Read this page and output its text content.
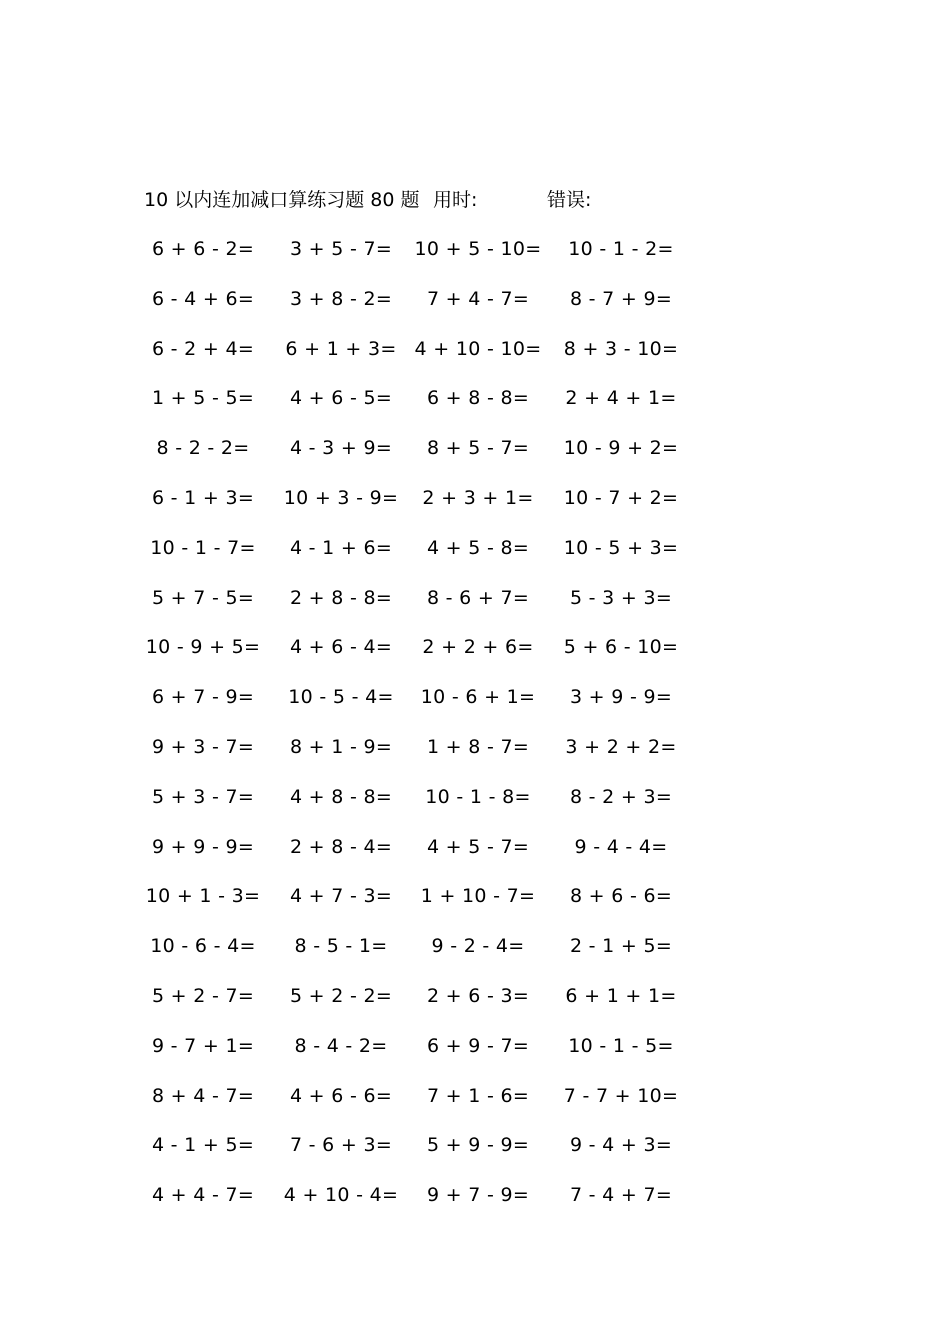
10 以内连加减口算练习题 80 题 用时:	错误:
6 + 6 - 2=	3 + 5 - 7=	10 + 5 - 10=	10 - 1 - 2=
6 - 4 + 6=	3 + 8 - 2=	7 + 4 - 7=	8 - 7 + 9=
6 - 2 + 4=	6 + 1 + 3= 4 + 10 - 10=	8 + 3 - 10=
1 + 5 - 5=	4 + 6 - 5=	6 + 8 - 8=	2 + 4 + 1=
8 - 2 - 2=	4 - 3 + 9=	8 + 5 - 7=	10 - 9 + 2=
6 - 1 + 3=	10 + 3 - 9=	2 + 3 + 1=	10 - 7 + 2=
10 - 1 - 7=	4 - 1 + 6=	4 + 5 - 8=	10 - 5 + 3=
5 + 7 - 5=	2 + 8 - 8=	8 - 6 + 7=	5 - 3 + 3=
10 - 9 + 5=	4 + 6 - 4=	2 + 2 + 6=	5 + 6 - 10=
6 + 7 - 9=	10 - 5 - 4=	10 - 6 + 1=	3 + 9 - 9=
9 + 3 - 7=	8 + 1 - 9=	1 + 8 - 7=	3 + 2 + 2=
5 + 3 - 7=	4 + 8 - 8=	10 - 1 - 8=	8 - 2 + 3=
9 + 9 - 9=	2 + 8 - 4=	4 + 5 - 7=	9 - 4 - 4=
10 + 1 - 3=	4 + 7 - 3=	1 + 10 - 7=	8 + 6 - 6=
10 - 6 - 4=	8 - 5 - 1=	9 - 2 - 4=	2 - 1 + 5=
5 + 2 - 7=	5 + 2 - 2=	2 + 6 - 3=	6 + 1 + 1=
9 - 7 + 1=	8 - 4 - 2=	6 + 9 - 7=	10 - 1 - 5=
8 + 4 - 7=	4 + 6 - 6=	7 + 1 - 6=	7 - 7 + 10=
4 - 1 + 5=	7 - 6 + 3=	5 + 9 - 9=	9 - 4 + 3=
4 + 4 - 7=	4 + 10 - 4=	9 + 7 - 9=	7 - 4 + 7=
